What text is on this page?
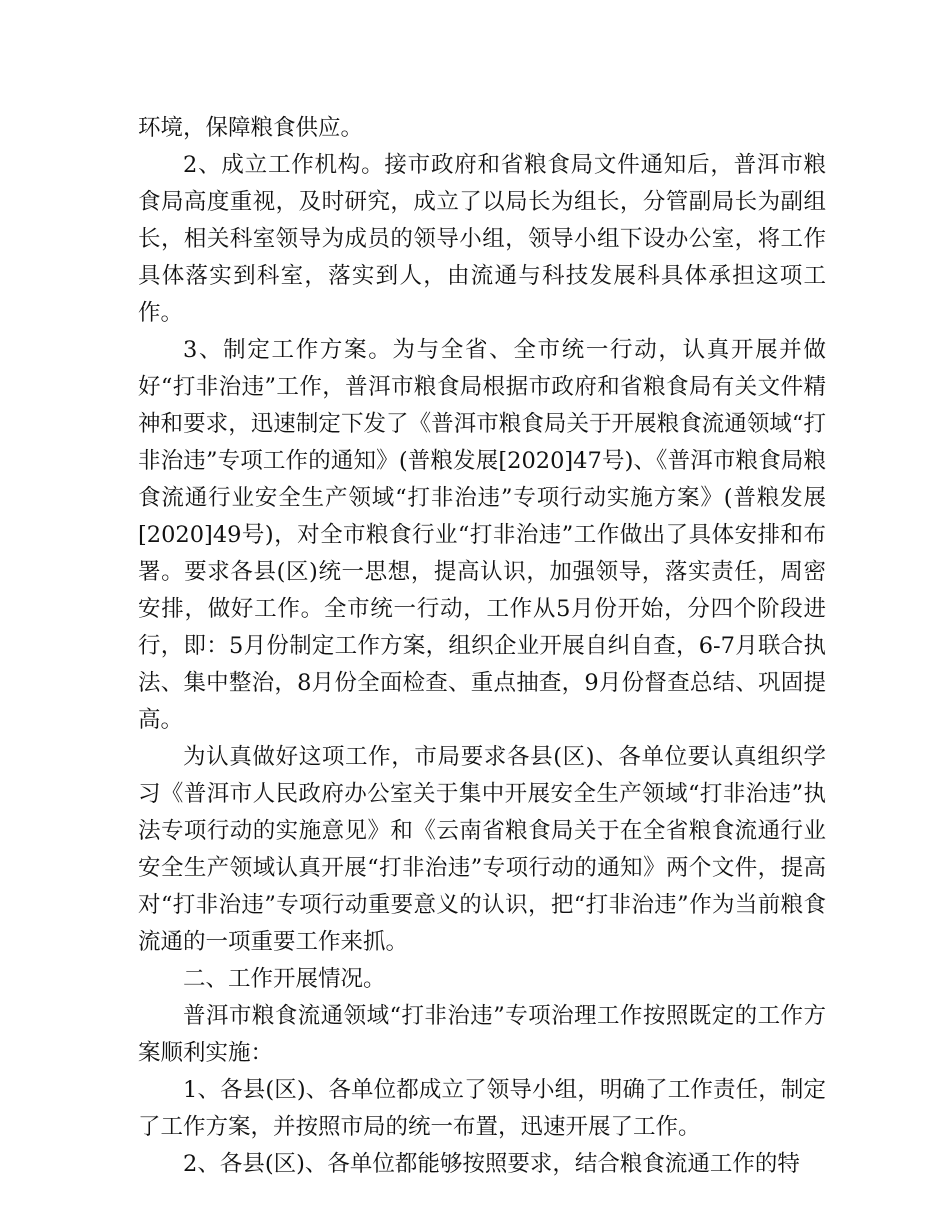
环境，保障粮食供应。

2、成立工作机构。接市政府和省粮食局文件通知后，普洱市粮食局高度重视，及时研究，成立了以局长为组长，分管副局长为副组长，相关科室领导为成员的领导小组，领导小组下设办公室，将工作具体落实到科室，落实到人，由流通与科技发展科具体承担这项工作。

3、制定工作方案。为与全省、全市统一行动，认真开展并做好“打非治违”工作，普洱市粮食局根据市政府和省粮食局有关文件精神和要求，迅速制定下发了《普洱市粮食局关于开展粮食流通领域“打非治违”专项工作的通知》(普粮发展[2020]47号)、《普洱市粮食局粮食流通行业安全生产领域“打非治违”专项行动实施方案》(普粮发展[2020]49号)，对全市粮食行业“打非治违”工作做出了具体安排和布署。要求各县(区)统一思想，提高认识，加强领导，落实责任，周密安排，做好工作。全市统一行动，工作从5月份开始，分四个阶段进行，即：5月份制定工作方案，组织企业开展自纠自查，6-7月联合执法、集中整治，8月份全面检查、重点抽查，9月份督查总结、巩固提高。

为认真做好这项工作，市局要求各县(区)、各单位要认真组织学习《普洱市人民政府办公室关于集中开展安全生产领域“打非治违”执法专项行动的实施意见》和《云南省粮食局关于在全省粮食流通行业安全生产领域认真开展“打非治违”专项行动的通知》两个文件，提高对“打非治违”专项行动重要意义的认识，把“打非治违”作为当前粮食流通的一项重要工作来抓。

二、工作开展情况。

普洱市粮食流通领域“打非治违”专项治理工作按照既定的工作方案顺利实施：

1、各县(区)、各单位都成立了领导小组，明确了工作责任，制定了工作方案，并按照市局的统一布置，迅速开展了工作。

2、各县(区)、各单位都能够按照要求，结合粮食流通工作的特
